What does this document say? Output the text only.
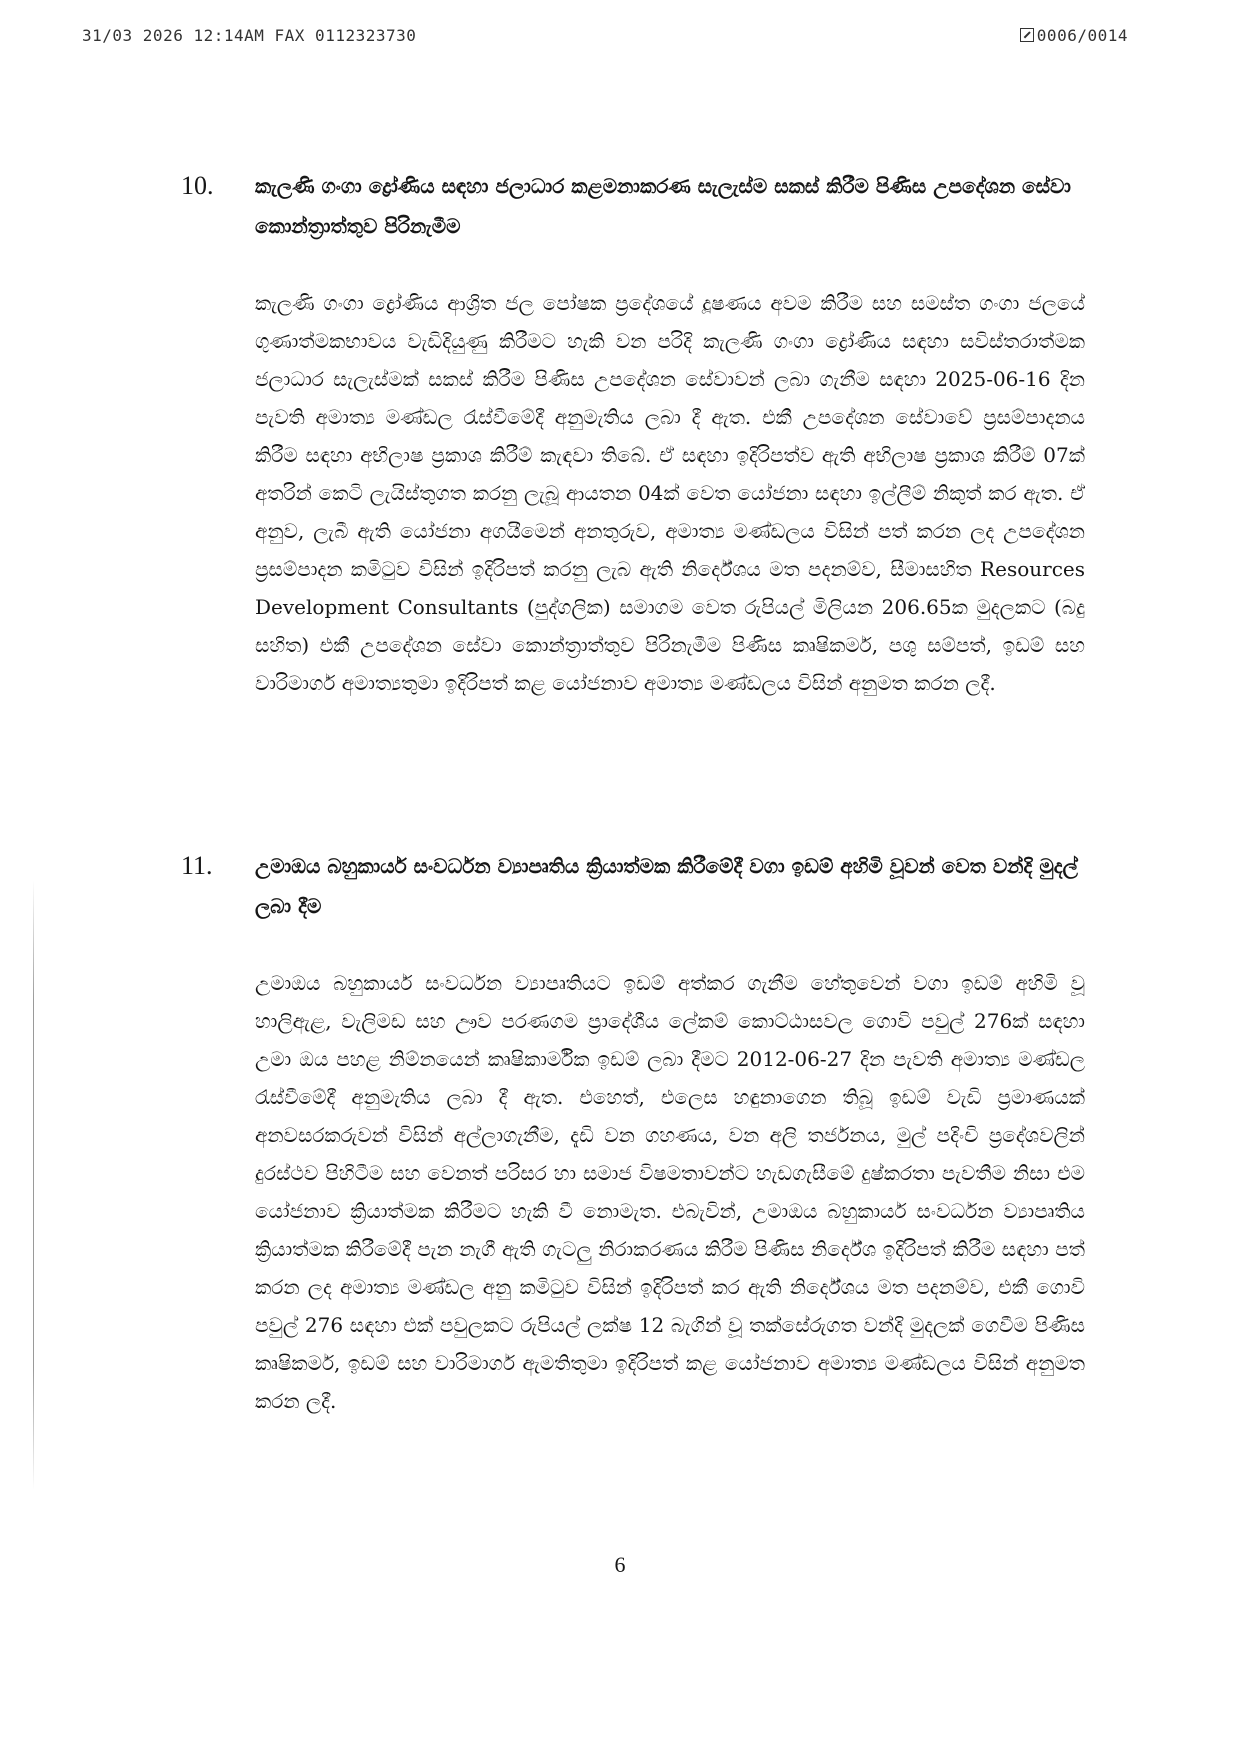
31/03 2026 12:14AM FAX 0112323730	0006/0014
10. කැලණි ගංගා ද්‍රෝණිය සඳහා ජලාධාර කළමනාකරණ සැලැස්ම සකස් කිරීම පිණිස උපදේශන සේවා කොන්ත්‍රාත්තුව පිරිනැමීම

කැලණි ගංගා ද්‍රෝණිය ආශ්‍රිත ජල පෝෂක ප්‍රදේශයේ දූෂණය අවම කිරීම සහ සමස්ත ගංගා ජලයේ ගුණාත්මකභාවය වැඩිදියුණු කිරීමට හැකි වන පරිදි කැලණි ගංගා ද්‍රෝණිය සඳහා සවිස්තරාත්මක ජලාධාර සැලැස්මක් සකස් කිරීම පිණිස උපදේශන සේවාවන් ලබා ගැනීම සඳහා 2025-06-16 දින පැවති අමාත්‍ය මණ්ඩල රැස්වීමේදී අනුමැතිය ලබා දී ඇත. එකී උපදේශන සේවාවේ ප්‍රසම්පාදනය කිරීම සඳහා අභිලාෂ ප්‍රකාශ කිරීම් කැඳවා තිබේ. ඒ සඳහා ඉදිරිපත්ව ඇති අභිලාෂ ප්‍රකාශ කිරීම් 07ක් අතරින් කෙටි ලැයිස්තුගත කරනු ලැබූ ආයතන 04ක් වෙත යෝජනා සඳහා ඉල්ලීම් නිකුත් කර ඇත. ඒ අනුව, ලැබී ඇති යෝජනා අගයීමෙන් අනතුරුව, අමාත්‍ය මණ්ඩලය විසින් පත් කරන ලද උපදේශන ප්‍රසම්පාදන කමිටුව විසින් ඉදිරිපත් කරනු ලැබ ඇති නිර්දේශය මත පදනම්ව, සීමාසහිත Resources Development Consultants (පුද්ගලික) සමාගම වෙත රුපියල් මිලියන 206.65ක මුදලකට (බදු සහිත) එකී උපදේශන සේවා කොන්ත්‍රාත්තුව පිරිනැමීම පිණිස කෘෂිකර්ම, පශු සම්පත්, ඉඩම් සහ වාරිමාර්ග අමාත්‍යතුමා ඉදිරිපත් කළ යෝජනාව අමාත්‍ය මණ්ඩලය විසින් අනුමත කරන ලදී.

11. උමාඔය බහුකාර්ය සංවර්ධන ව්‍යාපෘතිය ක්‍රියාත්මක කිරීමේදී වගා ඉඩම් අහිමි වූවන් වෙත වන්දි මුදල් ලබා දීම

උමාඔය බහුකාර්ය සංවර්ධන ව්‍යාපෘතියට ඉඩම් අත්කර ගැනීම හේතුවෙන් වගා ඉඩම් අහිමි වූ හාලිඇළ, වැලිමඩ සහ ඌව පරණගම ප්‍රාදේශීය ලේකම් කොට්ඨාසවල ගොවි පවුල් 276ක් සඳහා උමා ඔය පහළ නිම්නයෙන් කෘෂිකාර්මික ඉඩම් ලබා දීමට 2012-06-27 දින පැවති අමාත්‍ය මණ්ඩල රැස්වීමේදී අනුමැතිය ලබා දී ඇත. එහෙත්, එලෙස හඳුනාගෙන තිබූ ඉඩම් වැඩි ප්‍රමාණයක් අනවසරකරුවන් විසින් අල්ලාගැනීම, දැඩි වන ගහණය, වන අලි තර්ජනය, මුල් පදිංචි ප්‍රදේශවලින් දුරස්ථව පිහිටීම සහ වෙනත් පරිසර හා සමාජ විෂමතාවන්ට හැඩගැසීමේ දුෂ්කරතා පැවතීම නිසා එම යෝජනාව ක්‍රියාත්මක කිරීමට හැකි වී නොමැත. එබැවින්, උමාඔය බහුකාර්ය සංවර්ධන ව්‍යාපෘතිය ක්‍රියාත්මක කිරීමේදී පැන නැගී ඇති ගැටලු නිරාකරණය කිරීම පිණිස නිර්දේශ ඉදිරිපත් කිරීම සඳහා පත් කරන ලද අමාත්‍ය මණ්ඩල අනු කමිටුව විසින් ඉදිරිපත් කර ඇති නිර්දේශය මත පදනම්ව, එකී ගොවි පවුල් 276 සඳහා එක් පවුලකට රුපියල් ලක්ෂ 12 බැගින් වූ තක්සේරුගත වන්දි මුදලක් ගෙවීම පිණිස කෘෂිකර්ම, ඉඩම් සහ වාරිමාර්ග ඇමතිතුමා ඉදිරිපත් කළ යෝජනාව අමාත්‍ය මණ්ඩලය විසින් අනුමත කරන ලදී.

6
